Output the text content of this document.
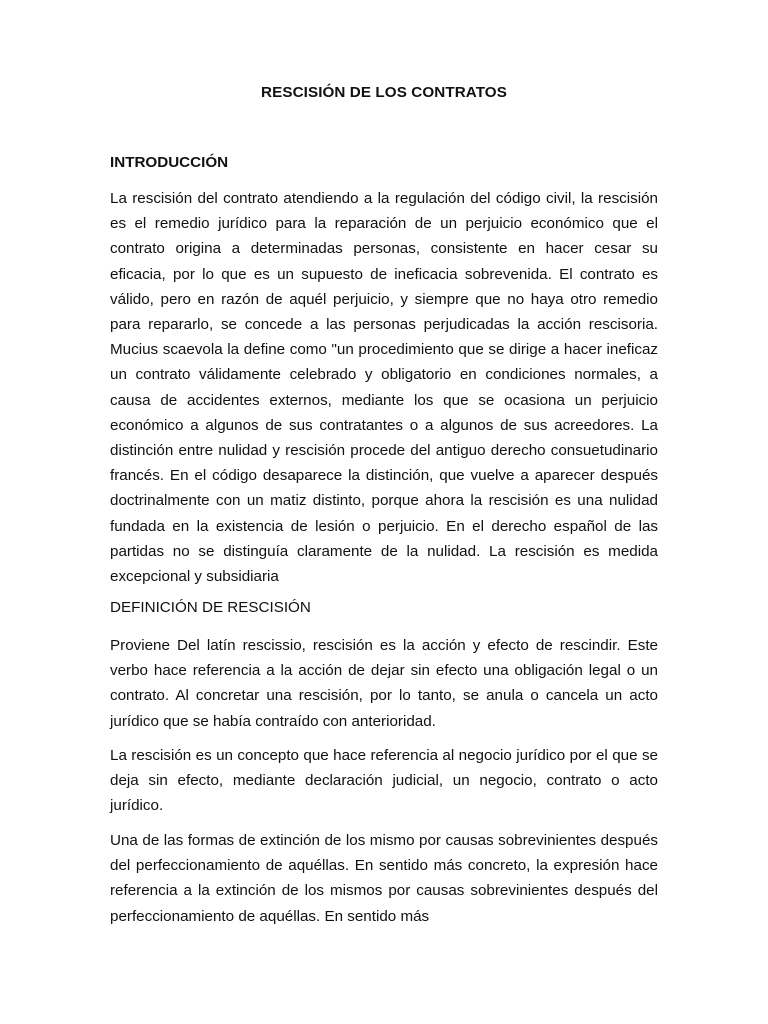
RESCISIÓN DE LOS CONTRATOS
INTRODUCCIÓN

La rescisión del contrato atendiendo a la regulación del código civil, la rescisión es el remedio jurídico para la reparación de un perjuicio económico que el contrato origina a determinadas personas, consistente en hacer cesar su eficacia, por lo que es un supuesto de ineficacia sobrevenida. El contrato es válido, pero en razón de aquél perjuicio, y siempre que no haya otro remedio para repararlo, se concede a las personas perjudicadas la acción rescisoria. Mucius scaevola la define como "un procedimiento que se dirige a hacer ineficaz un contrato válidamente celebrado y obligatorio en condiciones normales, a causa de accidentes externos, mediante los que se ocasiona un perjuicio económico a algunos de sus contratantes o a algunos de sus acreedores. La distinción entre nulidad y rescisión procede del antiguo derecho consuetudinario francés. En el código desaparece la distinción, que vuelve a aparecer después doctrinalmente con un matiz distinto, porque ahora la rescisión es una nulidad fundada en la existencia de lesión o perjuicio. En el derecho español de las partidas no se distinguía claramente de la nulidad. La rescisión es medida excepcional y subsidiaria

DEFINICIÓN DE RESCISIÓN

Proviene Del latín rescissio, rescisión es la acción y efecto de rescindir. Este verbo hace referencia a la acción de dejar sin efecto una obligación legal o un contrato. Al concretar una rescisión, por lo tanto, se anula o cancela un acto jurídico que se había contraído con anterioridad.

La rescisión es un concepto que hace referencia al negocio jurídico por el que se deja sin efecto, mediante declaración judicial, un negocio, contrato o acto jurídico.

Una de las formas de extinción de los mismo por causas sobrevinientes después del perfeccionamiento de aquéllas. En sentido más concreto, la expresión hace referencia a la extinción de los mismos por causas sobrevinientes después del perfeccionamiento de aquéllas. En sentido más
